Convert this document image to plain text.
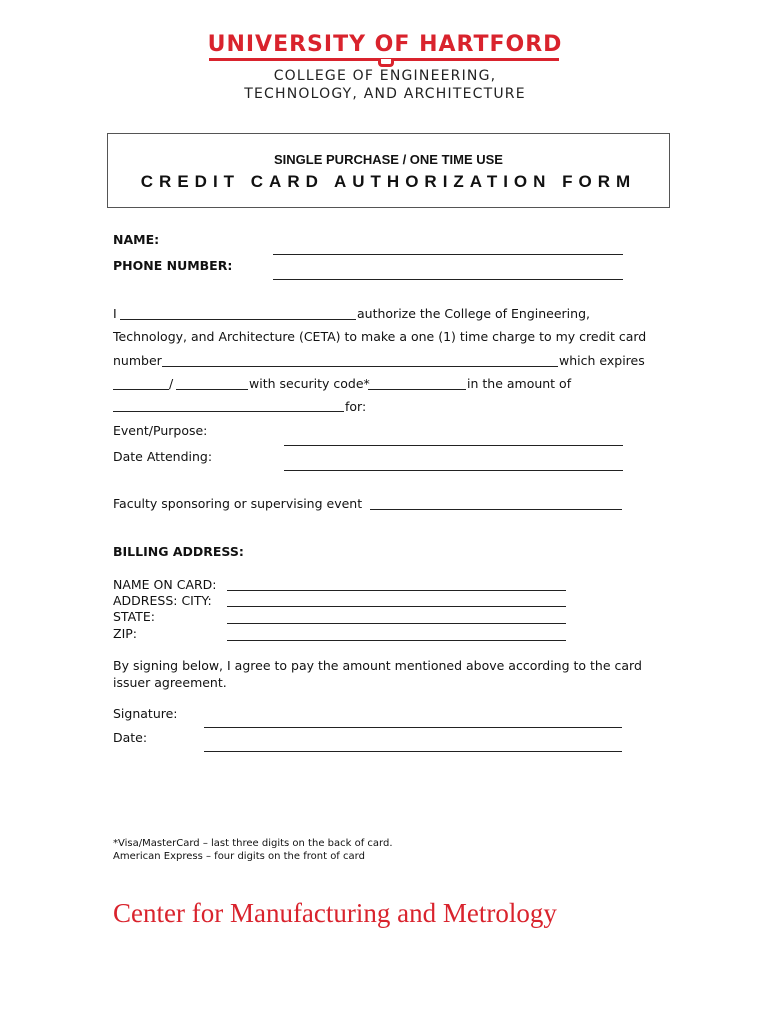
UNIVERSITY OF HARTFORD
COLLEGE OF ENGINEERING,
TECHNOLOGY, AND ARCHITECTURE
SINGLE PURCHASE / ONE TIME USE
CREDIT CARD AUTHORIZATION FORM
NAME:
PHONE NUMBER:
I	authorize the College of Engineering,
Technology, and Architecture (CETA) to make a one (1) time charge to my credit card
number	which expires
/	with security code*	in the amount of
for:
Event/Purpose:
Date Attending:
Faculty sponsoring or supervising event
BILLING ADDRESS:
NAME ON CARD:
ADDRESS: CITY:
STATE:
ZIP:
By signing below, I agree to pay the amount mentioned above according to the card
issuer agreement.
Signature:
Date:
*Visa/MasterCard – last three digits on the back of card.
American Express – four digits on the front of card
Center for Manufacturing and Metrology
